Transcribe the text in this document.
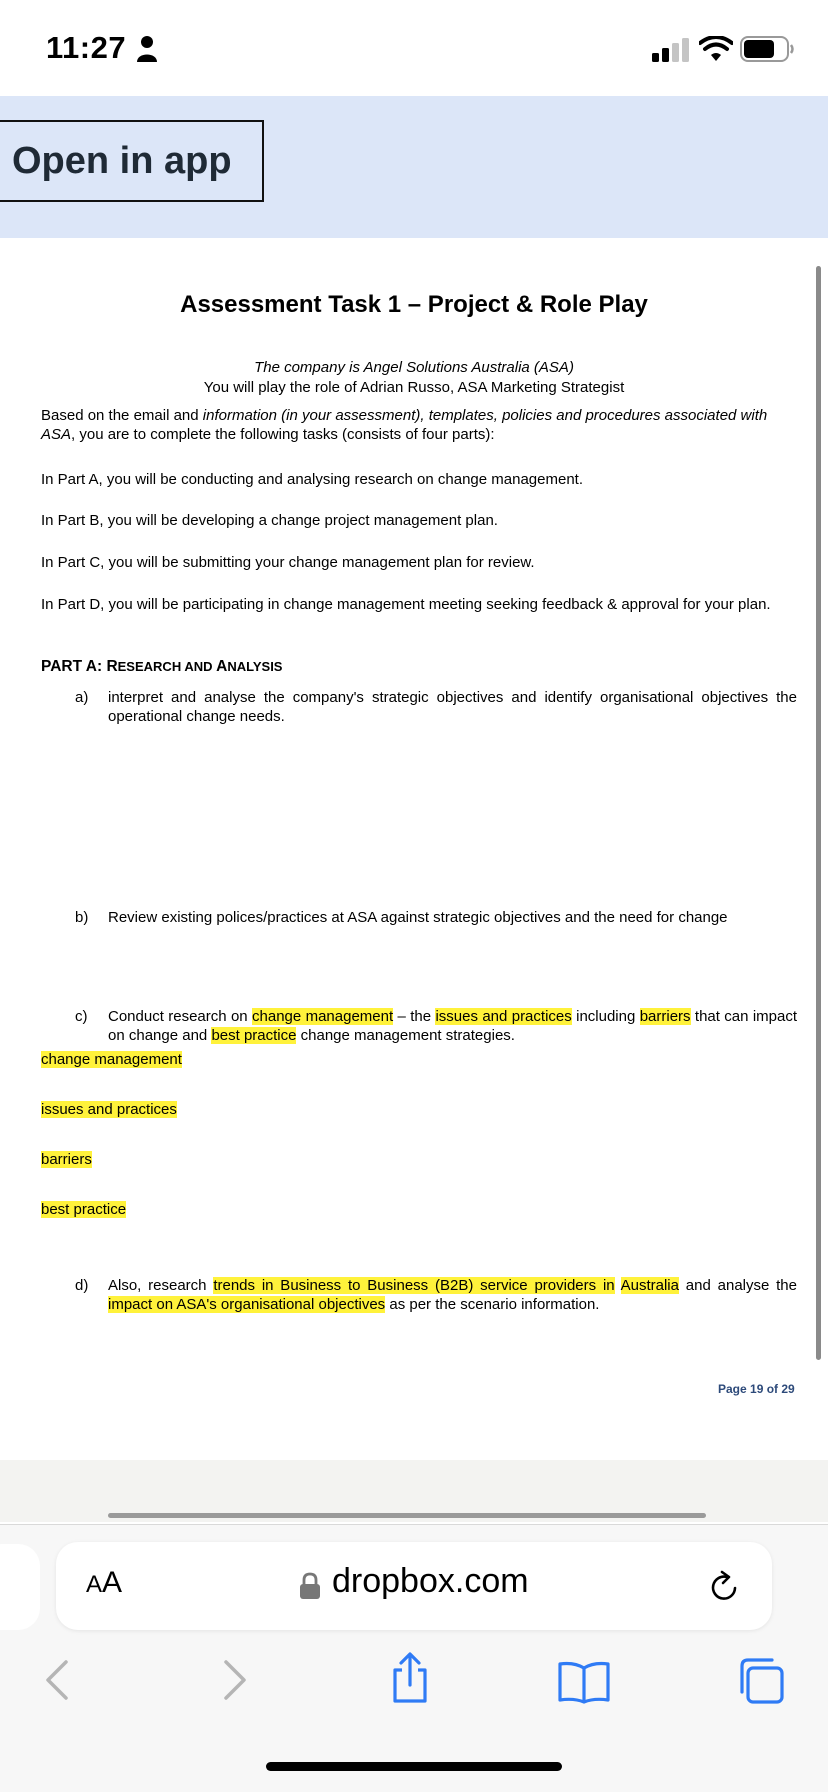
11:27
Open in app
Assessment Task 1 – Project & Role Play
The company is Angel Solutions Australia (ASA)
You will play the role of Adrian Russo, ASA Marketing Strategist
Based on the email and information (in your assessment), templates, policies and procedures associated with ASA, you are to complete the following tasks (consists of four parts):
In Part A, you will be conducting and analysing research on change management.
In Part B, you will be developing a change project management plan.
In Part C, you will be submitting your change management plan for review.
In Part D, you will be participating in change management meeting seeking feedback & approval for your plan.
PART A: RESEARCH AND ANALYSIS
a)	interpret and analyse the company's strategic objectives and identify organisational objectives the operational change needs.
b)	Review existing polices/practices at ASA against strategic objectives and the need for change
c)	Conduct research on change management – the issues and practices including barriers that can impact on change and best practice change management strategies.
change management
issues and practices
barriers
best practice
d)	Also, research trends in Business to Business (B2B) service providers in Australia and analyse the impact on ASA's organisational objectives as per the scenario information.
Page 19 of 29
AA	dropbox.com
